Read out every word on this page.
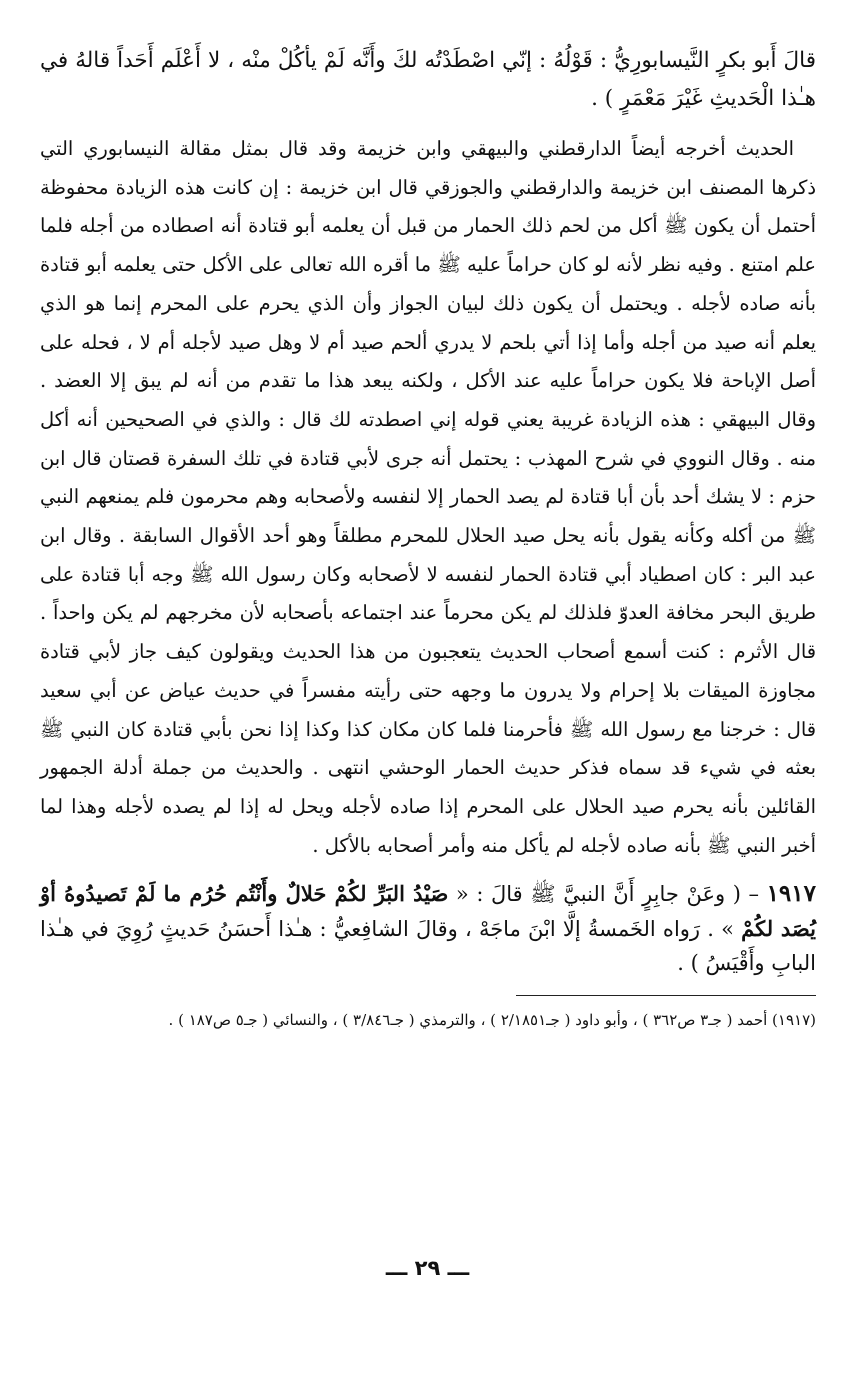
قالَ أَبو بكرٍ النَّيسابورِيُّ : قَوْلُهُ : إنّي اصْطَدْتُه لكَ وأَنَّه لَمْ يأكُلْ منْه ، لا أَعْلَم أَحَداً قالهُ في هـٰذا الْحَديثِ غَيْرَ مَعْمَرٍ ) .

الحديث أخرجه أيضاً الدارقطني والبيهقي وابن خزيمة وقد قال بمثل مقالة النيسابوري التي ذكرها المصنف ابن خزيمة والدارقطني والجوزقي قال ابن خزيمة : إن كانت هذه الزيادة محفوظة أحتمل أن يكون ﷺ أكل من لحم ذلك الحمار من قبل أن يعلمه أبو قتادة أنه اصطاده من أجله فلما علم امتنع . وفيه نظر لأنه لو كان حراماً عليه ﷺ ما أقره الله تعالى على الأكل حتى يعلمه أبو قتادة بأنه صاده لأجله . ويحتمل أن يكون ذلك لبيان الجواز وأن الذي يحرم على المحرم إنما هو الذي يعلم أنه صيد من أجله وأما إذا أتي بلحم لا يدري ألحم صيد أم لا وهل صيد لأجله أم لا ، فحله على أصل الإباحة فلا يكون حراماً عليه عند الأكل ، ولكنه يبعد هذا ما تقدم من أنه لم يبق إلا العضد . وقال البيهقي : هذه الزيادة غريبة يعني قوله إني اصطدته لك قال : والذي في الصحيحين أنه أكل منه . وقال النووي في شرح المهذب : يحتمل أنه جرى لأبي قتادة في تلك السفرة قصتان قال ابن حزم : لا يشك أحد بأن أبا قتادة لم يصد الحمار إلا لنفسه ولأصحابه وهم محرمون فلم يمنعهم النبي ﷺ من أكله وكأنه يقول بأنه يحل صيد الحلال للمحرم مطلقاً وهو أحد الأقوال السابقة . وقال ابن عبد البر : كان اصطياد أبي قتادة الحمار لنفسه لا لأصحابه وكان رسول الله ﷺ وجه أبا قتادة على طريق البحر مخافة العدوّ فلذلك لم يكن محرماً عند اجتماعه بأصحابه لأن مخرجهم لم يكن واحداً . قال الأثرم : كنت أسمع أصحاب الحديث يتعجبون من هذا الحديث ويقولون كيف جاز لأبي قتادة مجاوزة الميقات بلا إحرام ولا يدرون ما وجهه حتى رأيته مفسراً في حديث عياض عن أبي سعيد قال : خرجنا مع رسول الله ﷺ فأحرمنا فلما كان مكان كذا وكذا إذا نحن بأبي قتادة كان النبي ﷺ بعثه في شيء قد سماه فذكر حديث الحمار الوحشي انتهى . والحديث من جملة أدلة الجمهور القائلين بأنه يحرم صيد الحلال على المحرم إذا صاده لأجله ويحل له إذا لم يصده لأجله وهذا لما أخبر النبي ﷺ بأنه صاده لأجله لم يأكل منه وأمر أصحابه بالأكل .

١٩١٧ – ( وعَنْ جابِرٍ أَنَّ النبيَّ ﷺ قالَ : « صَيْدُ البَرِّ لكُمْ حَلالٌ وأَنْتُم حُرُم ما لَمْ تَصيدُوهُ أوْ يُصَد لكُمْ » . رَواه الخَمسةُ إلَّا ابْنَ ماجَهْ ، وقالَ الشافِعيُّ : هـٰذا أَحسَنُ حَديثٍ رُوِيَ في هـٰذا البابِ وأَقْيَسُ ) .

(١٩١٧) أحمد ( جـ٣ ص٣٦٢ ) ، وأبو داود ( جـ٢/١٨٥١ ) ، والترمذي ( جـ٣/٨٤٦ ) ، والنسائي ( جـ٥ ص١٨٧ ) .

ـــ ٢٩ ـــ
